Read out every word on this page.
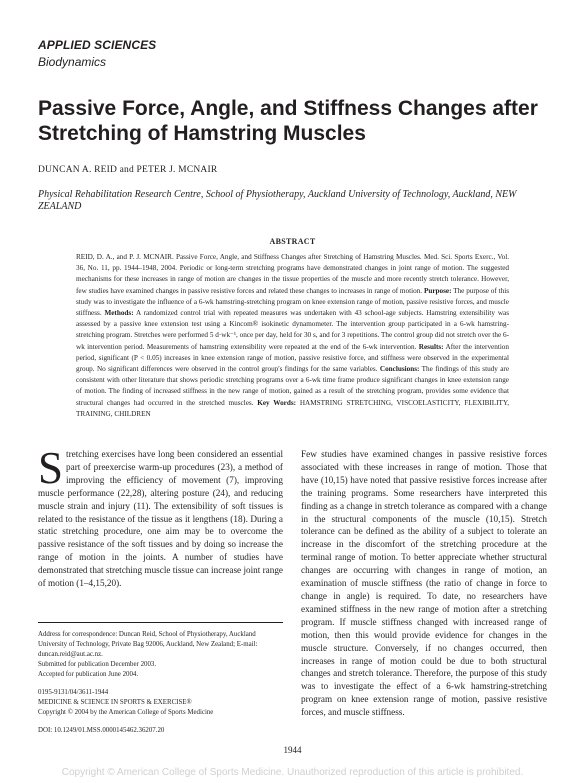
APPLIED SCIENCES
Biodynamics
Passive Force, Angle, and Stiffness Changes after Stretching of Hamstring Muscles
DUNCAN A. REID and PETER J. MCNAIR
Physical Rehabilitation Research Centre, School of Physiotherapy, Auckland University of Technology, Auckland, NEW ZEALAND
ABSTRACT
REID, D. A., and P. J. MCNAIR. Passive Force, Angle, and Stiffness Changes after Stretching of Hamstring Muscles. Med. Sci. Sports Exerc., Vol. 36, No. 11, pp. 1944–1948, 2004. Periodic or long-term stretching programs have demonstrated changes in joint range of motion. The suggested mechanisms for these increases in range of motion are changes in the tissue properties of the muscle and more recently stretch tolerance. However, few studies have examined changes in passive resistive forces and related these changes to increases in range of motion. Purpose: The purpose of this study was to investigate the influence of a 6-wk hamstring-stretching program on knee extension range of motion, passive resistive forces, and muscle stiffness. Methods: A randomized control trial with repeated measures was undertaken with 43 school-age subjects. Hamstring extensibility was assessed by a passive knee extension test using a Kincom® isokinetic dynamometer. The intervention group participated in a 6-wk hamstring-stretching program. Stretches were performed 5 d·wk⁻¹, once per day, held for 30 s, and for 3 repetitions. The control group did not stretch over the 6-wk intervention period. Measurements of hamstring extensibility were repeated at the end of the 6-wk intervention. Results: After the intervention period, significant (P < 0.05) increases in knee extension range of motion, passive resistive force, and stiffness were observed in the experimental group. No significant differences were observed in the control group's findings for the same variables. Conclusions: The findings of this study are consistent with other literature that shows periodic stretching programs over a 6-wk time frame produce significant changes in knee extension range of motion. The finding of increased stiffness in the new range of motion, gained as a result of the stretching program, provides some evidence that structural changes had occurred in the stretched muscles. Key Words: HAMSTRING STRETCHING, VISCOELASTICITY, FLEXIBILITY, TRAINING, CHILDREN
S tretching exercises have long been considered an essential part of preexercise warm-up procedures (23), a method of improving the efficiency of movement (7), improving muscle performance (22,28), altering posture (24), and reducing muscle strain and injury (11). The extensibility of soft tissues is related to the resistance of the tissue as it lengthens (18). During a static stretching procedure, one aim may be to overcome the passive resistance of the soft tissues and by doing so increase the range of motion in the joints. A number of studies have demonstrated that stretching muscle tissue can increase joint range of motion (1–4,15,20).
Few studies have examined changes in passive resistive forces associated with these increases in range of motion. Those that have (10,15) have noted that passive resistive forces increase after the training programs. Some researchers have interpreted this finding as a change in stretch tolerance as compared with a change in the structural components of the muscle (10,15). Stretch tolerance can be defined as the ability of a subject to tolerate an increase in the discomfort of the stretching procedure at the terminal range of motion. To better appreciate whether structural changes are occurring with changes in range of motion, an examination of muscle stiffness (the ratio of change in force to change in angle) is required. To date, no researchers have examined stiffness in the new range of motion after a stretching program. If muscle stiffness changed with increased range of motion, then this would provide evidence for changes in the muscle structure. Conversely, if no changes occurred, then increases in range of motion could be due to both structural changes and stretch tolerance. Therefore, the purpose of this study was to investigate the effect of a 6-wk hamstring-stretching program on knee extension range of motion, passive resistive forces, and muscle stiffness.

Address for correspondence: Duncan Reid, School of Physiotherapy, Auckland University of Technology, Private Bag 92006, Auckland, New Zealand; E-mail: duncan.reid@aut.ac.nz.

Submitted for publication December 2003.

Accepted for publication June 2004.

0195-9131/04/3611-1944

MEDICINE & SCIENCE IN SPORTS & EXERCISE®

Copyright © 2004 by the American College of Sports Medicine

DOI: 10.1249/01.MSS.0000145462.36207.20

1944
Copyright © American College of Sports Medicine. Unauthorized reproduction of this article is prohibited.
